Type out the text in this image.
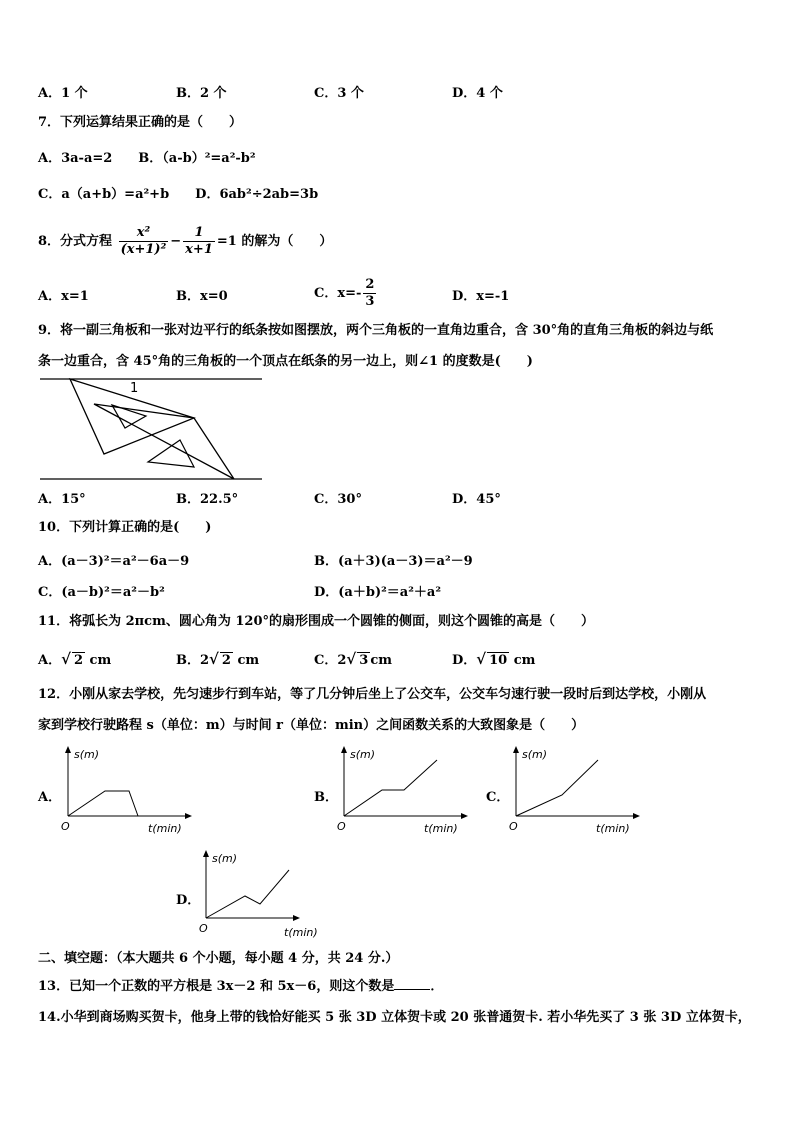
A．1 个	B．2 个	C．3 个	D．4 个
7．下列运算结果正确的是（　　）
A．3a-a=2　　B．（a-b）²=a²-b²
C．a（a+b）=a²+b　　D．6ab²÷2ab=3b
8．分式方程 $\frac{\text{x²}}{\text{(x+1)²}} - \frac{1}{x+1} =1$ 的解为（　　）
A．x=1	B．x=0	C．$x=- \frac{2}{3}$	D．x=-1
9．将一副三角板和一张对边平行的纸条按如图摆放，两个三角板的一直角边重合，含 30°角的直角三角板的斜边与纸
条一边重合，含 45°角的三角板的一个顶点在纸条的另一边上，则∠1 的度数是(　　)
1
A．15°	B．22.5°	C．30°	D．45°
10．下列计算正确的是(　　)
A．(a－3)²＝a²－6a－9	B．(a＋3)(a－3)＝a²－9
C．(a－b)²＝a²－b²	D．(a＋b)²＝a²＋a²
11．将弧长为 2πcm、圆心角为 120°的扇形围成一个圆锥的侧面，则这个圆锥的高是（　　）
A．√ 2 cm	B．2√ 2 cm	C．2√ 3 cm	D．√ 10 cm
12．小刚从家去学校，先匀速步行到车站，等了几分钟后坐上了公交车，公交车匀速行驶一段时后到达学校，小刚从
家到学校行驶路程 s（单位：m）与时间 r（单位：min）之间函数关系的大致图象是（　　）
A．
s(m)
t(min)
O
B．
s(m)
t(min)
O
C．
s(m)
t(min)
O
D．
s(m)
t(min)
O
二、填空题：（本大题共 6 个小题，每小题 4 分，共 24 分.）
13．已知一个正数的平方根是 3x－2 和 5x－6，则这个数是	．
14.小华到商场购买贺卡，他身上带的钱恰好能买 5 张 3D 立体贺卡或 20 张普通贺卡. 若小华先买了 3 张 3D 立体贺卡，
